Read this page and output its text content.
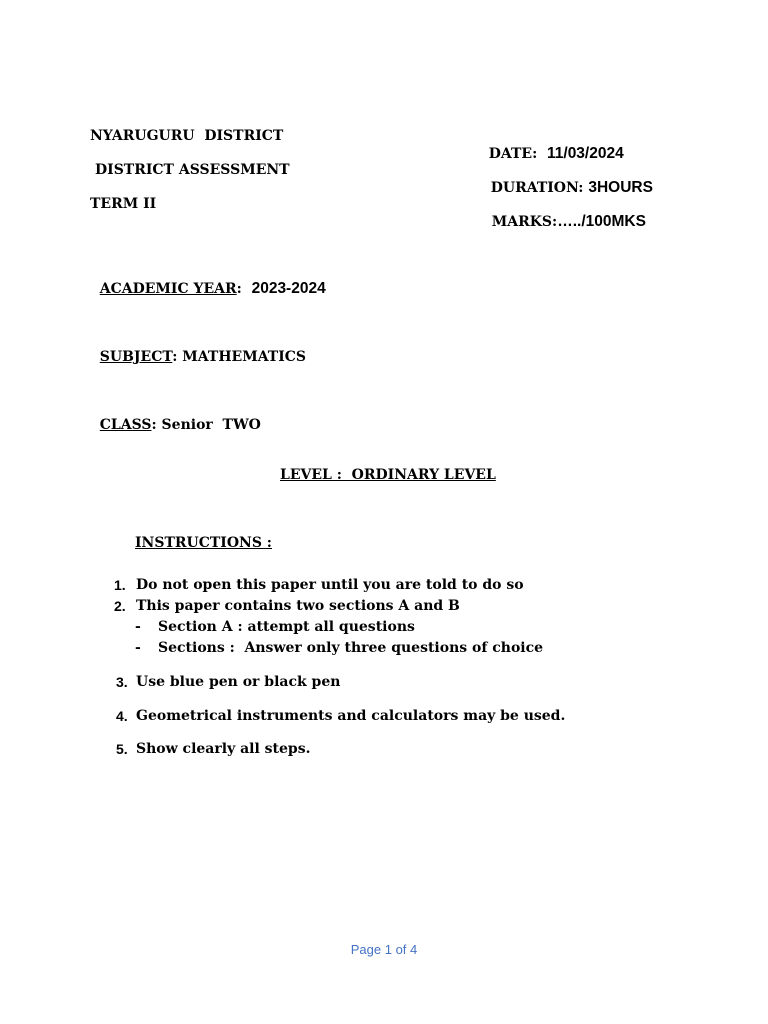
NYARUGURU  DISTRICT

DATE: 11/03/2024

DISTRICT ASSESSMENT

DURATION: 3HOURS

TERM II

MARKS:…../100MKS

ACADEMIC YEAR:  2023-2024

SUBJECT: MATHEMATICS

CLASS: Senior  TWO

LEVEL :  ORDINARY LEVEL
INSTRUCTIONS :
1. Do not open this paper until you are told to do so
2. This paper contains two sections A and B
- Section A : attempt all questions
- Sections :  Answer only three questions of choice
3. Use blue pen or black pen
4. Geometrical instruments and calculators may be used.
5. Show clearly all steps.
Page 1 of 4
